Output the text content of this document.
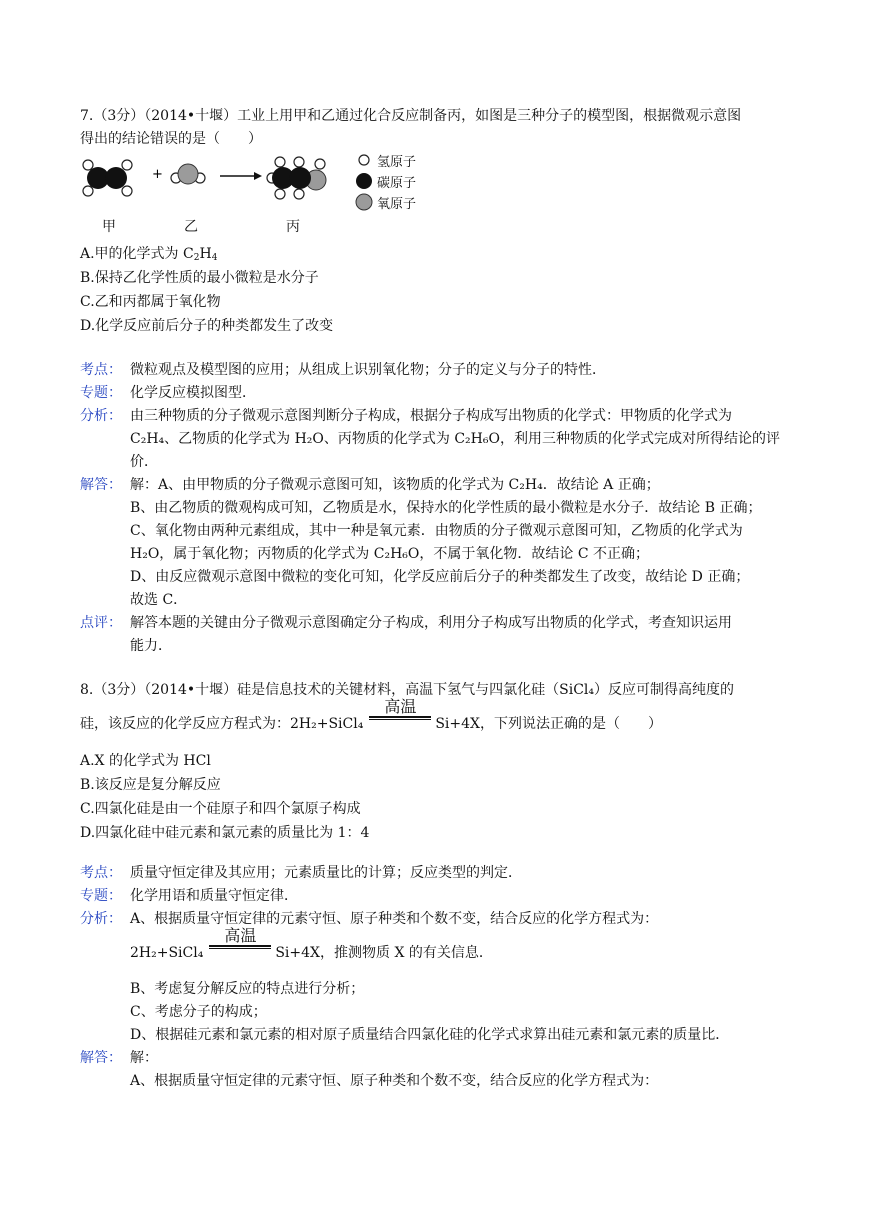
7.（3分）（2014•十堰）工业上用甲和乙通过化合反应制备丙，如图是三种分子的模型图，根据微观示意图
得出的结论错误的是（　　）
+
甲	乙	丙
氢原子
碳原子
氧原子
A.甲的化学式为 $C_2H_4$
B.保持乙化学性质的最小微粒是水分子
C.乙和丙都属于氧化物
D.化学反应前后分子的种类都发生了改变
考点： 微粒观点及模型图的应用；从组成上识别氧化物；分子的定义与分子的特性．
专题： 化学反应模拟图型．
分析： 由三种物质的分子微观示意图判断分子构成，根据分子构成写出物质的化学式：甲物质的化学式为
C₂H₄、乙物质的化学式为 H₂O、丙物质的化学式为 C₂H₆O，利用三种物质的化学式完成对所得结论的评
价．
解答： 解：A、由甲物质的分子微观示意图可知，该物质的化学式为 C₂H₄．故结论 A 正确；
B、由乙物质的微观构成可知，乙物质是水，保持水的化学性质的最小微粒是水分子．故结论 B 正确；
C、氧化物由两种元素组成，其中一种是氧元素．由物质的分子微观示意图可知，乙物质的化学式为
H₂O，属于氧化物；丙物质的化学式为 C₂H₆O，不属于氧化物．故结论 C 不正确；
D、由反应微观示意图中微粒的变化可知，化学反应前后分子的种类都发生了改变，故结论 D 正确；
故选 C．
点评： 解答本题的关键由分子微观示意图确定分子构成，利用分子构成写出物质的化学式，考查知识运用
能力．
8.（3分）（2014•十堰）硅是信息技术的关键材料，高温下氢气与四氯化硅（SiCl₄）反应可制得高纯度的
硅，该反应的化学反应方程式为：2H₂+SiCl₄
高温
Si+4X，下列说法正确的是（　　）
A.X 的化学式为 HCl
B.该反应是复分解反应
C.四氯化硅是由一个硅原子和四个氯原子构成
D.四氯化硅中硅元素和氯元素的质量比为 1：4
考点： 质量守恒定律及其应用；元素质量比的计算；反应类型的判定．
专题： 化学用语和质量守恒定律．
分析： A、根据质量守恒定律的元素守恒、原子种类和个数不变，结合反应的化学方程式为：
2H₂+SiCl₄
高温
Si+4X，推测物质 X 的有关信息．
B、考虑复分解反应的特点进行分析；
C、考虑分子的构成；
D、根据硅元素和氯元素的相对原子质量结合四氯化硅的化学式求算出硅元素和氯元素的质量比．
解答： 解：
A、根据质量守恒定律的元素守恒、原子种类和个数不变，结合反应的化学方程式为：
